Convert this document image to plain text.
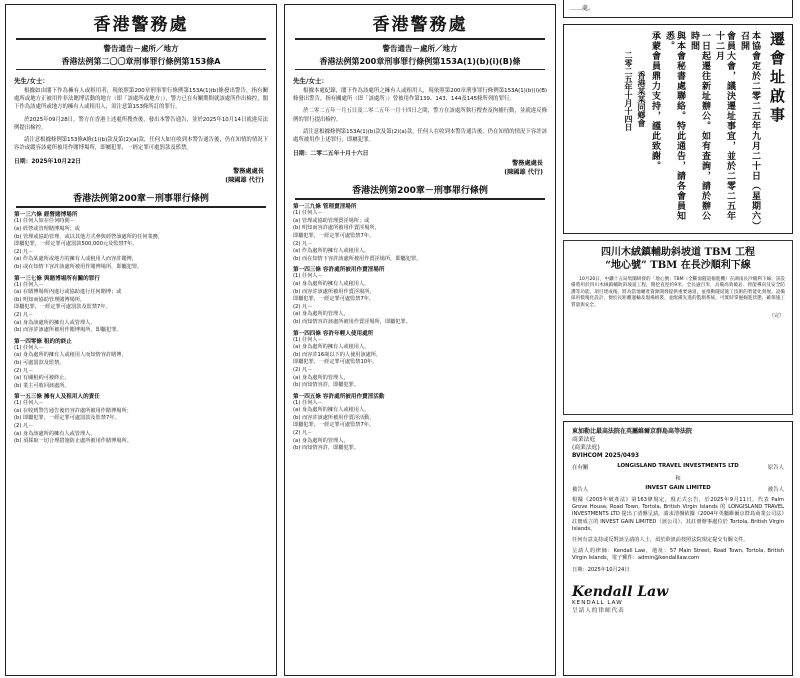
香港警務處
警告通告－處所／地方
香港法例第二〇〇章刑事罪行條例第153條A
先生/女士：
根據如由閣下作為擁有人或租用者，現依照第200章刑事罪行條例第153A(1)(b)條發出警告，指有關處所或地方正被用作非法賭博活動的地方（即「該處所或地方」），警方已在有關期間就該處所作出檢控，閣下作為該處所或地方的擁有人或租用人，須注意第153條所訂的罪行。
於2025年09月28日，警方在香港上述處所搜查後，發出本警告通告，並於2025年10月14日就違反法例提出檢控。
請注意根據條例第153條A條(1)(b)款及第(2)(a)款，任何人如在收到本警告通告後，仍在知情的情況下容許或縱容該處所被用作賭博場所，即屬犯罪，一經定罪可處罰款及監禁。
日期：2025年10月22日
警務處處長
(陳國雄 代行)
香港法例第200章－刑事罪行條例
第一三六條 經營賭博場所
(1) 任何人如在任何時間－
(a) 經營或管理賭博場所；或
(b) 管理或協助管理、或以其他方式參與經營該處所的任何業務，
即屬犯罪，一經定罪可處罰款500,000元及監禁7年。
(2) 凡－
(a) 作為某處所或地方的擁有人或租用人而容許賭博，
(b) 或在知情下容許該處所被用作賭博場所，即屬犯罪。
第一三七條 與賭博場所有關的罪行
(1) 任何人－
(a) 在賭博場所內進行或協助進行任何賭博；或
(b) 明知而協助管理賭博場所，
即屬犯罪，一經定罪可處罰款及監禁7年。
(2) 凡－
(a) 身為該處所的擁有人或管理人，
(b) 而容許該處所被用作賭博場所，即屬犯罪。
第一四零條 租約的終止
(1) 任何人－
(a) 身為處所的擁有人或租用人而知情容許賭博，
(b) 可處罰款及監禁。
(2) 凡－
(a) 有關租約可被終止，
(b) 業主可收回該處所。
第一五三條 擁有人及租用人的責任
(1) 任何人－
(a) 在收到警告通告後仍容許處所被用作賭博場所；
(b) 即屬犯罪，一經定罪可處罰款及監禁7年。
(2) 凡－
(a) 身為該處所的擁有人或管理人，
(b) 須採取一切合理措施防止處所被用作賭博場所。
香港警務處
警告通告－處所／地方
香港法例第200章刑事罪行條例第153A(1)(b)(i)(B)條
先生/女士：
根據本處紀錄，閣下作為該處所之擁有人或租用人，現依照第200章刑事罪行條例第153A(1)(b)(i)(B)條發出警告，指有關處所（即「該處所」）曾被用作第139、143、144及145條所列的罪行。
於二零二五年一月五日及二零二五年一月十四日之間，警方在該處所執行搜查及拘捕行動，並就違反條例的罪行提出檢控。
請注意根據條例第153A(1)(b)款及第(2)(a)款，任何人在收到本警告通告後，仍在知情的情況下容許該處所被用作上述罪行，即屬犯罪。
日期：二零二五年十月十六日
警務處處長
(陳國雄 代行)
香港法例第200章－刑事罪行條例
第一三九條 管理賣淫場所
(1) 任何人－
(a) 管理或協助管理賣淫場所；或
(b) 明知而容許處所被用作賣淫場所，
即屬犯罪，一經定罪可處監禁7年。
(2) 凡－
(a) 作為處所的擁有人或租用人，
(b) 而在知情下容許該處所被用作賣淫場所，即屬犯罪。
第一四三條 容許處所被用作賣淫場所
(1) 任何人－
(a) 身為處所的擁有人或租用人，
(b) 而容許該處所被用作賣淫場所，
即屬犯罪，一經定罪可處監禁7年。
(2) 凡－
(a) 身為處所的管理人，
(b) 而知情容許該處所被用作賣淫場所，即屬犯罪。
第一四四條 容許年輕人使用處所
(1) 任何人－
(a) 身為處所的擁有人或租用人，
(b) 而容許16歲以下的人使用該處所，
即屬犯罪，一經定罪可處監禁10年。
(2) 凡－
(a) 身為處所的管理人，
(b) 而知情容許，即屬犯罪。
第一四五條 容許處所被用作賣淫活動
(1) 任何人－
(a) 身為處所的擁有人或租用人，
(b) 而容許該處所被用作賣淫活動，
即屬犯罪，一經定罪可處監禁7年。
(2) 凡－
(a) 身為處所的管理人，
(b) 而知情容許，即屬犯罪。
……處。
遷會址啟事
本協會定於二零二五年九月二十日（星期六）召開
會員大會，議決遷址事宜，並於二零二五年十二月
一日起遷往新址辦公。如有查詢，請於辦公時間
與本會秘書處聯絡。特此通告，請各會員知悉。
承蒙會員鼎力支持，謹此致謝。
香港某某同鄉會
二零二五年十月十四日
四川木絨鎮輔助斜坡道 TBM 工程
“地心號” TBM 在長沙順利下線
10月20日，中鐵十五局集團研發的「地心號」TBM（全斷面隧道掘進機）在湖南長沙順利下線。該設備將用於四川木絨鎮輔助斜坡道工程，開挖直徑約9米，全長逾百米，具備高效破岩、智能導向及安全防護等功能。項目建成後，將為當地礦產資源開發提供重要通道，並推動隧道施工技術的智能化發展。設備採用模塊化設計，便於長距離運輸及現場組裝，並配備先進的監測系統，可實時掌握掘進狀態，確保施工質量與安全。
（完）
東加勒比最高法院在英屬維爾京群島高等法院
商業法庭
(商業法庭)
BVIHCOM 2025/0493
在有關	LONGISLAND TRAVEL INVESTMENTS LTD	原告人
和
被告人	INVEST GAIN LIMITED	被告人
根據《2003年破產法》第163條規定，現正式公告，於2025年9月11日，代表 Palm Grove House, Road Town, Tortola, British Virgin Islands 的 LONGISLAND TRAVEL INVESTMENTS LTD 提出了清盤呈請，請求清盤依據《2004年英屬維爾京群島商業公司法》註冊成立的 INVEST GAIN LIMITED（該公司），其註冊辦事處位於 Tortola, British Virgin Islands。
任何有意支持或反對該呈請的人士，須於聆訊前按照法院規定提交有關文件。
呈請人的律師：Kendall Law，地址：57 Main Street, Road Town, Tortola, British Virgin Islands，電子郵件：admin@kendalllaw.com
日期：2025年10月24日
Kendall Law
KENDALL LAW
呈請人的律師代表
